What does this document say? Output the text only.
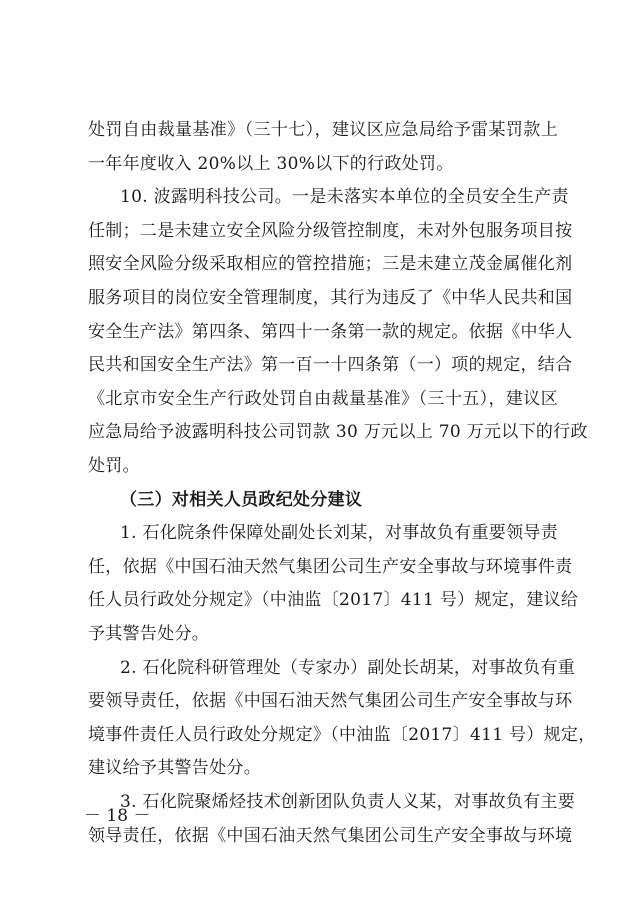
处罚自由裁量基准》（三十七），建议区应急局给予雷某罚款上
一年年度收入 20%以上 30%以下的行政处罚。
10. 波露明科技公司。一是未落实本单位的全员安全生产责
任制；二是未建立安全风险分级管控制度，未对外包服务项目按
照安全风险分级采取相应的管控措施；三是未建立茂金属催化剂
服务项目的岗位安全管理制度，其行为违反了《中华人民共和国
安全生产法》第四条、第四十一条第一款的规定。依据《中华人
民共和国安全生产法》第一百一十四条第（一）项的规定，结合
《北京市安全生产行政处罚自由裁量基准》（三十五），建议区
应急局给予波露明科技公司罚款 30 万元以上 70 万元以下的行政
处罚。
（三）对相关人员政纪处分建议
1. 石化院条件保障处副处长刘某，对事故负有重要领导责
任，依据《中国石油天然气集团公司生产安全事故与环境事件责
任人员行政处分规定》（中油监〔2017〕411 号）规定，建议给
予其警告处分。
2. 石化院科研管理处（专家办）副处长胡某，对事故负有重
要领导责任，依据《中国石油天然气集团公司生产安全事故与环
境事件责任人员行政处分规定》（中油监〔2017〕411 号）规定，
建议给予其警告处分。
3. 石化院聚烯烃技术创新团队负责人义某，对事故负有主要
领导责任，依据《中国石油天然气集团公司生产安全事故与环境
－ 18 －
